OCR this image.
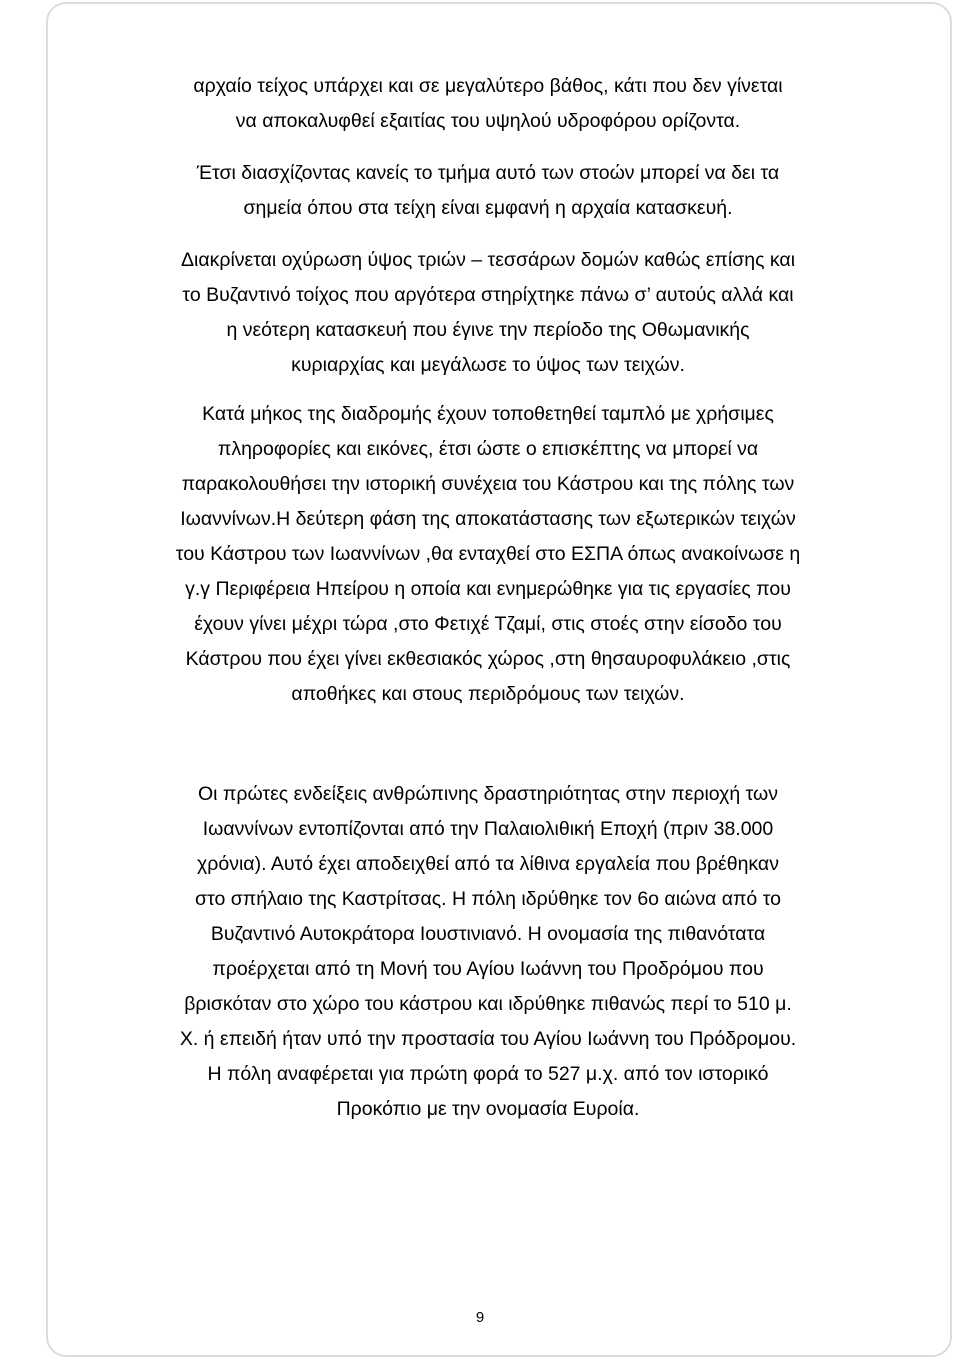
αρχαίο τείχος υπάρχει και σε μεγαλύτερο βάθος, κάτι που δεν γίνεται
να αποκαλυφθεί εξαιτίας του υψηλού υδροφόρου ορίζοντα.

Έτσι διασχίζοντας κανείς το τμήμα αυτό των στοών μπορεί να δει τα
σημεία όπου στα τείχη είναι εμφανή η αρχαία κατασκευή.

Διακρίνεται οχύρωση ύψος τριών – τεσσάρων δομών καθώς επίσης και
το Βυζαντινό τοίχος που αργότερα στηρίχτηκε πάνω σ’ αυτούς αλλά και
η νεότερη κατασκευή που έγινε την περίοδο της Οθωμανικής
κυριαρχίας και μεγάλωσε το ύψος των τειχών.

Κατά μήκος της διαδρομής έχουν τοποθετηθεί ταμπλό με χρήσιμες
πληροφορίες και εικόνες, έτσι ώστε ο επισκέπτης να μπορεί να
παρακολουθήσει την ιστορική συνέχεια του Κάστρου και της πόλης των
Ιωαννίνων.Η δεύτερη φάση της αποκατάστασης των εξωτερικών τειχών
του Κάστρου των Ιωαννίνων ,θα ενταχθεί στο ΕΣΠΑ όπως ανακοίνωσε η
γ.γ Περιφέρεια Ηπείρου η οποία και ενημερώθηκε για τις εργασίες που
έχουν γίνει μέχρι τώρα ,στο Φετιχέ Τζαμί, στις στοές στην είσοδο του
Κάστρου που έχει γίνει εκθεσιακός χώρος ,στη θησαυροφυλάκειο ,στις
αποθήκες και στους περιδρόμους των τειχών.

Οι πρώτες ενδείξεις ανθρώπινης δραστηριότητας στην περιοχή των
Ιωαννίνων εντοπίζονται από την Παλαιολιθική Εποχή (πριν 38.000
χρόνια). Αυτό έχει αποδειχθεί από τα λίθινα εργαλεία που βρέθηκαν
στο σπήλαιο της Καστρίτσας. Η πόλη ιδρύθηκε τον 6ο αιώνα από το
Βυζαντινό Αυτοκράτορα Ιουστινιανό. Η ονομασία της πιθανότατα
προέρχεται από τη Μονή του Αγίου Ιωάννη του Προδρόμου που
βρισκόταν στο χώρο του κάστρου και ιδρύθηκε πιθανώς περί το 510 μ.
Χ. ή επειδή ήταν υπό την προστασία του Αγίου Ιωάννη του Πρόδρομου.
Η πόλη αναφέρεται για πρώτη φορά το 527 μ.χ. από τον ιστορικό
Προκόπιο με την ονομασία Ευροία.

9
